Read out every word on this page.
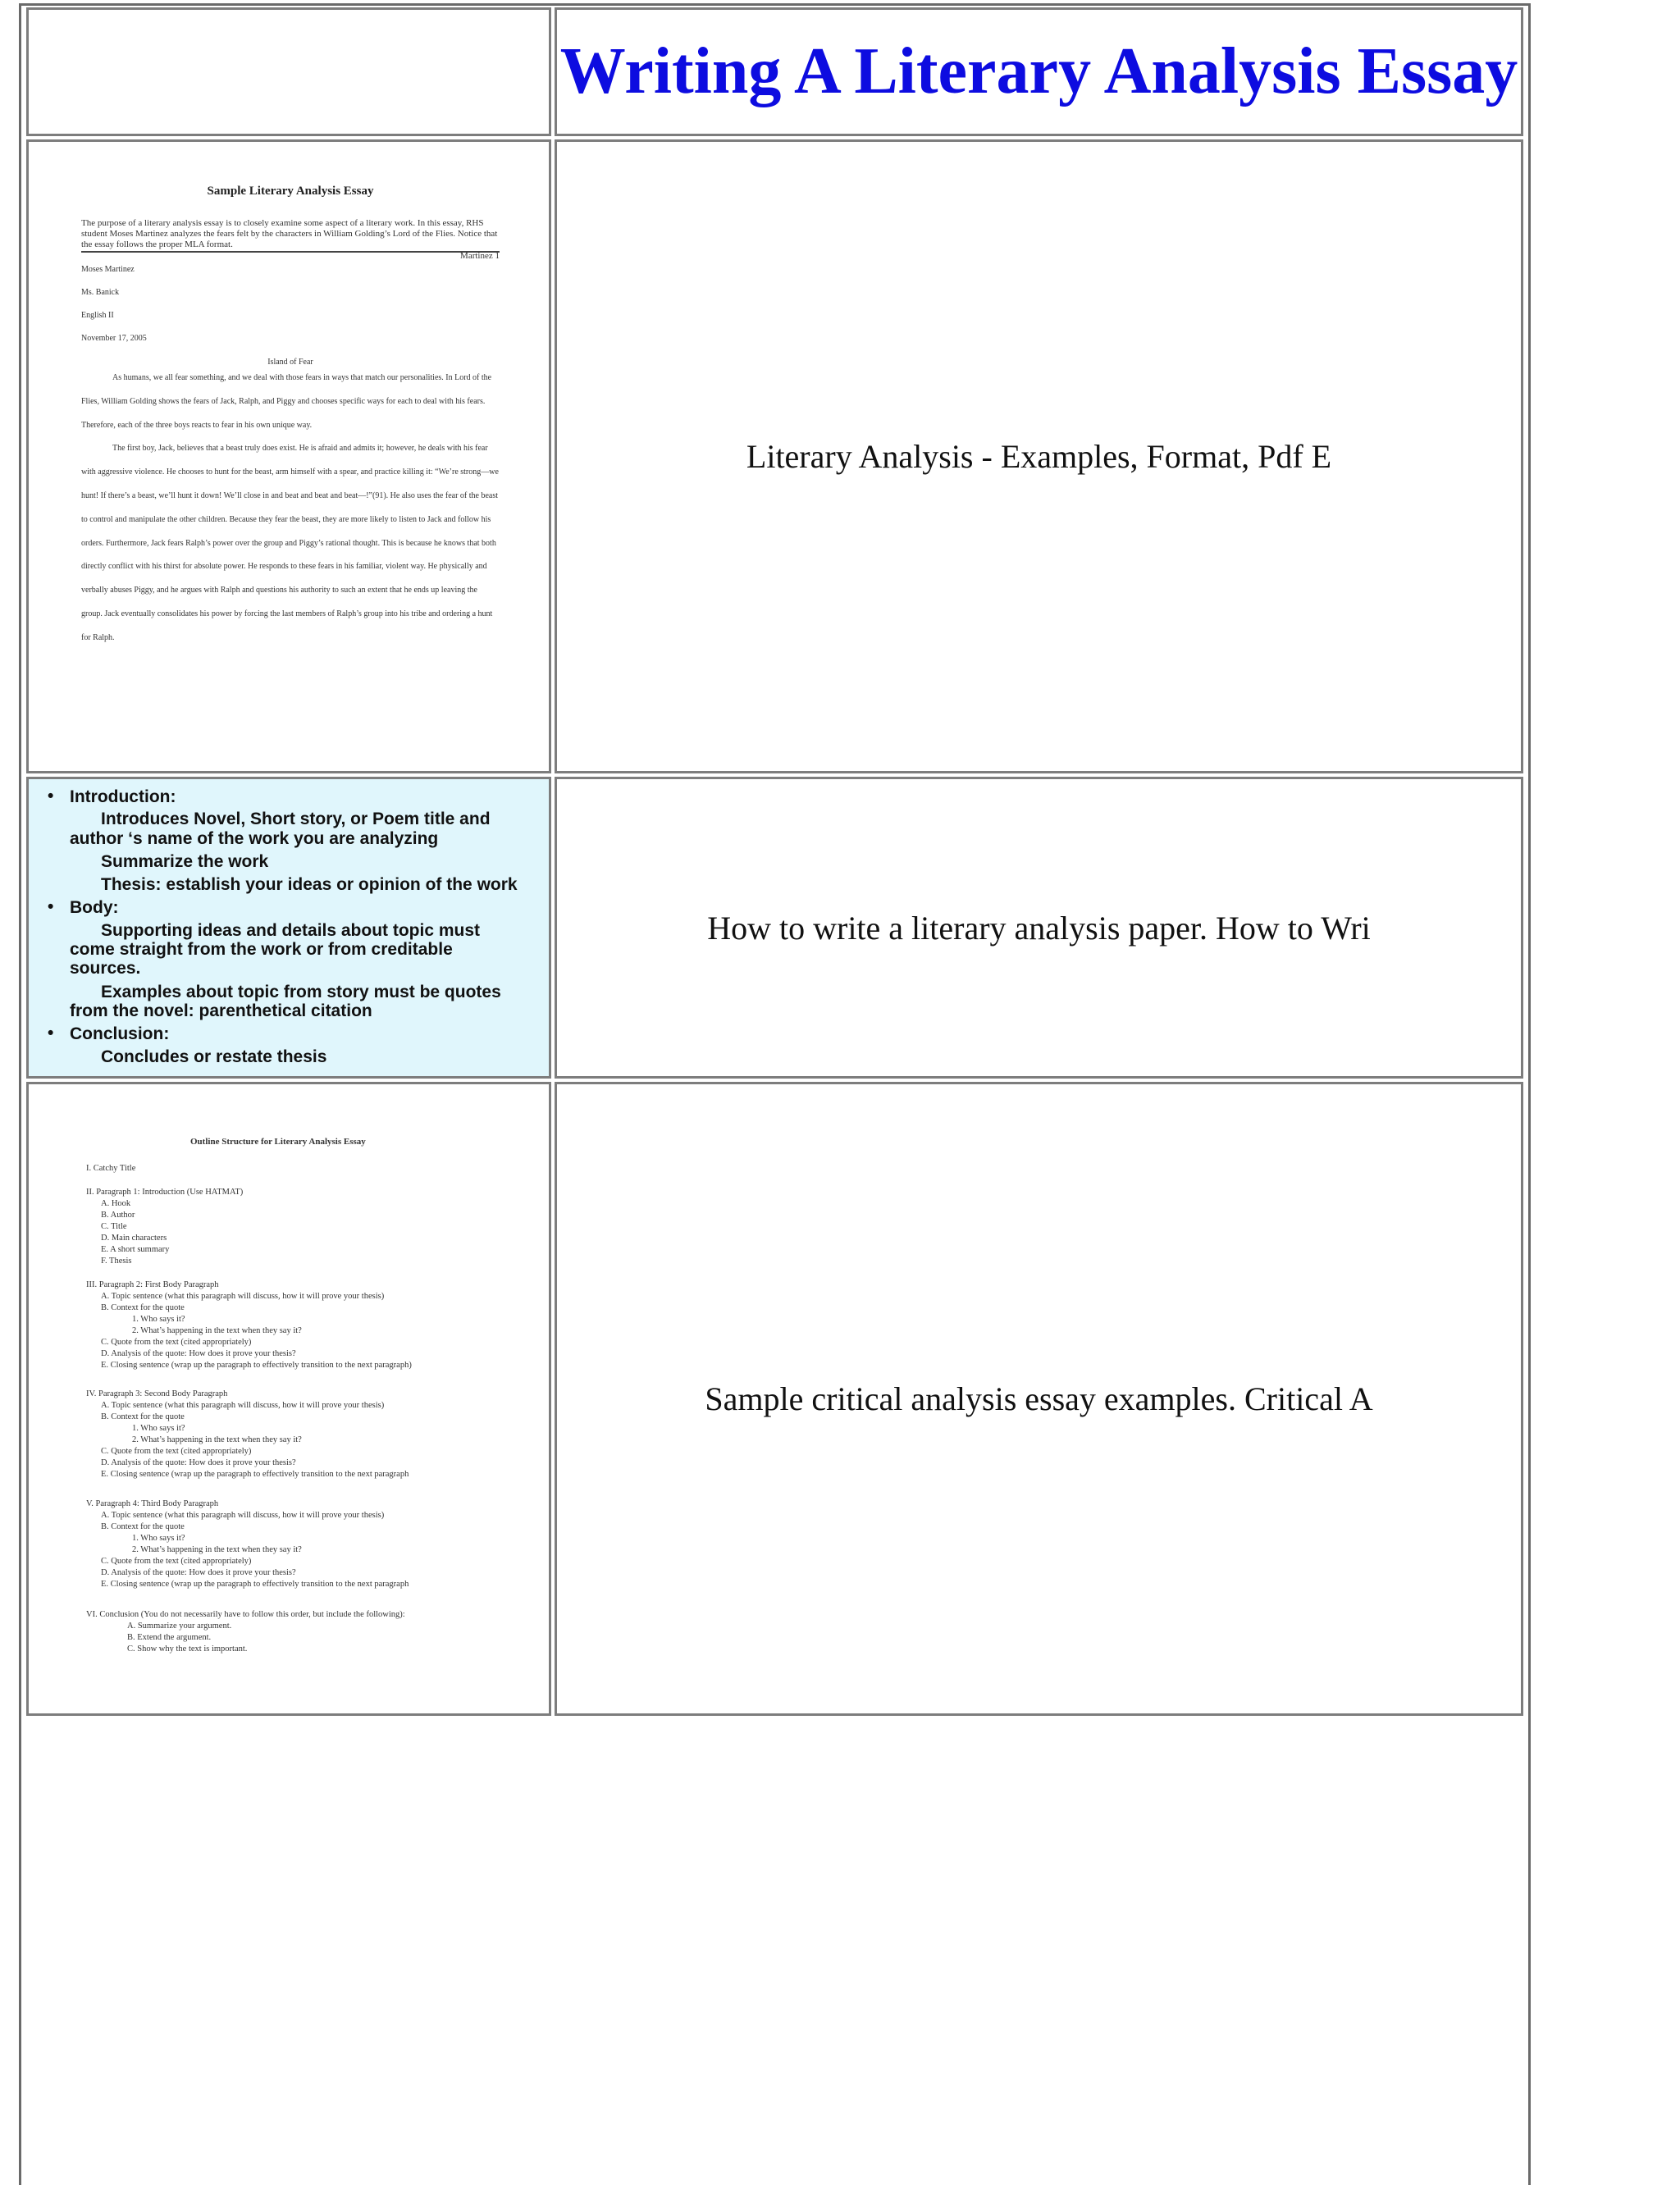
Writing A Literary Analysis Essay
Sample Literary Analysis Essay

The purpose of a literary analysis essay is to closely examine some aspect of a literary work. In this essay, RHS student Moses Martinez analyzes the fears felt by the characters in William Golding’s Lord of the Flies. Notice that the essay follows the proper MLA format.

Martinez 1
Moses Martinez
Ms. Banick
English II
November 17, 2005
Island of Fear

As humans, we all fear something, and we deal with those fears in ways that match our personalities. In Lord of the Flies, William Golding shows the fears of Jack, Ralph, and Piggy and chooses specific ways for each to deal with his fears. Therefore, each of the three boys reacts to fear in his own unique way.

The first boy, Jack, believes that a beast truly does exist. He is afraid and admits it; however, he deals with his fear with aggressive violence. He chooses to hunt for the beast, arm himself with a spear, and practice killing it: “We’re strong—we hunt! If there’s a beast, we’ll hunt it down! We’ll close in and beat and beat and beat—!”(91). He also uses the fear of the beast to control and manipulate the other children. Because they fear the beast, they are more likely to listen to Jack and follow his orders. Furthermore, Jack fears Ralph’s power over the group and Piggy’s rational thought. This is because he knows that both directly conflict with his thirst for absolute power. He responds to these fears in his familiar, violent way. He physically and verbally abuses Piggy, and he argues with Ralph and questions his authority to such an extent that he ends up leaving the group. Jack eventually consolidates his power by forcing the last members of Ralph’s group into his tribe and ordering a hunt for Ralph.

Literary Analysis - Examples, Format, Pdf E
• Introduction:
Introduces Novel, Short story, or Poem title and
author ‘s name of the work you are analyzing
Summarize the work
Thesis: establish your ideas or opinion of the work
• Body:
Supporting ideas and details about topic must
come straight from the work or from creditable
sources.
Examples about topic from story must be quotes
from the novel: parenthetical citation
• Conclusion:
Concludes or restate thesis
How to write a literary analysis paper. How to Wri
Outline Structure for Literary Analysis Essay
I. Catchy Title
II. Paragraph 1: Introduction (Use HATMAT)
A. Hook
B. Author
C. Title
D. Main characters
E. A short summary
F. Thesis
III. Paragraph 2: First Body Paragraph
A. Topic sentence (what this paragraph will discuss, how it will prove your thesis)
B. Context for the quote
1. Who says it?
2. What’s happening in the text when they say it?
C. Quote from the text (cited appropriately)
D. Analysis of the quote: How does it prove your thesis?
E. Closing sentence (wrap up the paragraph to effectively transition to the next paragraph)
IV. Paragraph 3: Second Body Paragraph
A. Topic sentence (what this paragraph will discuss, how it will prove your thesis)
B. Context for the quote
1. Who says it?
2. What’s happening in the text when they say it?
C. Quote from the text (cited appropriately)
D. Analysis of the quote: How does it prove your thesis?
E. Closing sentence (wrap up the paragraph to effectively transition to the next paragraph
V. Paragraph 4: Third Body Paragraph
A. Topic sentence (what this paragraph will discuss, how it will prove your thesis)
B. Context for the quote
1. Who says it?
2. What’s happening in the text when they say it?
C. Quote from the text (cited appropriately)
D. Analysis of the quote: How does it prove your thesis?
E. Closing sentence (wrap up the paragraph to effectively transition to the next paragraph
VI. Conclusion (You do not necessarily have to follow this order, but include the following):
A. Summarize your argument.
B. Extend the argument.
C. Show why the text is important.
Sample critical analysis essay examples. Critical A
